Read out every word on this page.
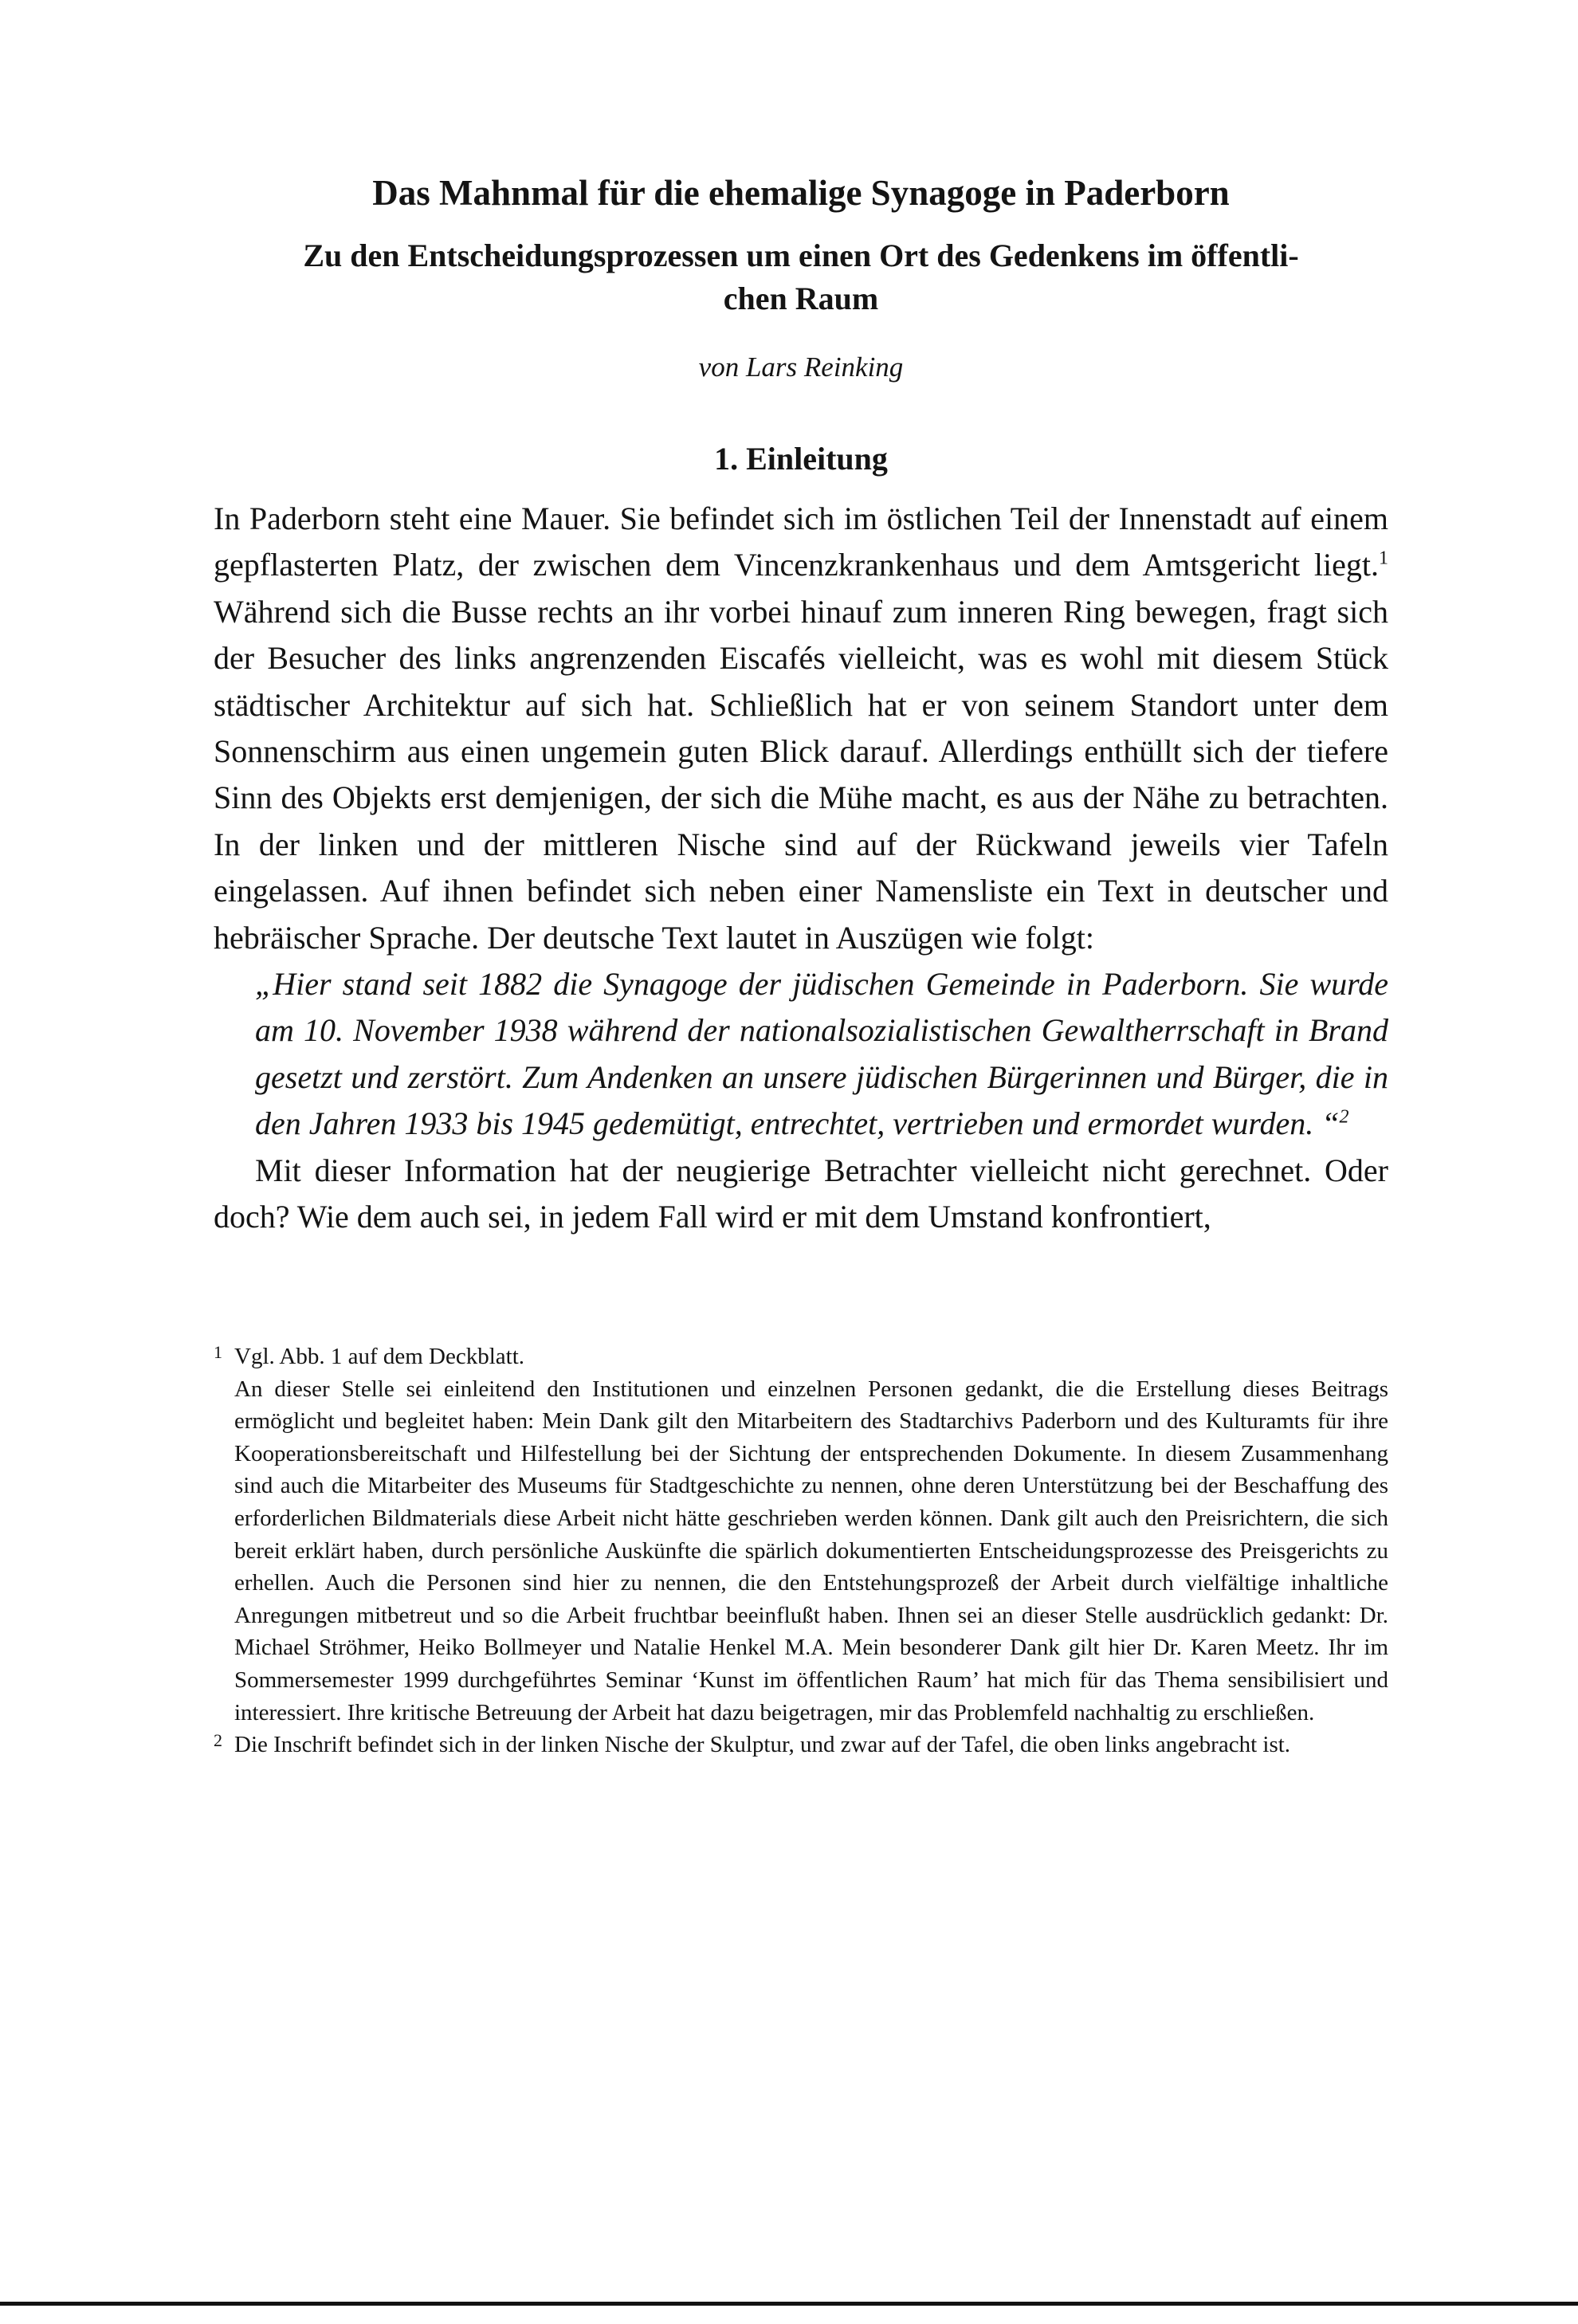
Das Mahnmal für die ehemalige Synagoge in Paderborn
Zu den Entscheidungsprozessen um einen Ort des Gedenkens im öffentli-
chen Raum
von Lars Reinking
1. Einleitung

In Paderborn steht eine Mauer. Sie befindet sich im östlichen Teil der Innenstadt auf einem gepflasterten Platz, der zwischen dem Vincenzkrankenhaus und dem Amtsgericht liegt.$^1$ Während sich die Busse rechts an ihr vorbei hinauf zum inneren Ring bewegen, fragt sich der Besucher des links angrenzenden Eiscafés vielleicht, was es wohl mit diesem Stück städtischer Architektur auf sich hat. Schließlich hat er von seinem Standort unter dem Sonnenschirm aus einen ungemein guten Blick darauf. Allerdings enthüllt sich der tiefere Sinn des Objekts erst demjenigen, der sich die Mühe macht, es aus der Nähe zu betrachten. In der linken und der mittleren Nische sind auf der Rückwand jeweils vier Tafeln eingelassen. Auf ihnen befindet sich neben einer Namensliste ein Text in deutscher und hebräischer Sprache. Der deutsche Text lautet in Auszügen wie folgt:

„Hier stand seit 1882 die Synagoge der jüdischen Gemeinde in Paderborn. Sie wurde am 10. November 1938 während der nationalsozialistischen Gewaltherrschaft in Brand gesetzt und zerstört. Zum Andenken an unsere jüdischen Bürgerinnen und Bürger, die in den Jahren 1933 bis 1945 gedemütigt, entrechtet, vertrieben und ermordet wurden. “$^2$

Mit dieser Information hat der neugierige Betrachter vielleicht nicht gerechnet. Oder doch? Wie dem auch sei, in jedem Fall wird er mit dem Umstand konfrontiert,

1 Vgl. Abb. 1 auf dem Deckblatt.
An dieser Stelle sei einleitend den Institutionen und einzelnen Personen gedankt, die die Erstellung dieses Beitrags ermöglicht und begleitet haben: Mein Dank gilt den Mitarbeitern des Stadtarchivs Paderborn und des Kulturamts für ihre Kooperationsbereitschaft und Hilfestellung bei der Sichtung der entsprechenden Dokumente. In diesem Zusammenhang sind auch die Mitarbeiter des Museums für Stadtgeschichte zu nennen, ohne deren Unterstützung bei der Beschaffung des erforderlichen Bildmaterials diese Arbeit nicht hätte geschrieben werden können. Dank gilt auch den Preisrichtern, die sich bereit erklärt haben, durch persönliche Auskünfte die spärlich dokumentierten Entscheidungsprozesse des Preisgerichts zu erhellen. Auch die Personen sind hier zu nennen, die den Entstehungsprozeß der Arbeit durch vielfältige inhaltliche Anregungen mitbetreut und so die Arbeit fruchtbar beeinflußt haben. Ihnen sei an dieser Stelle ausdrücklich gedankt: Dr. Michael Ströhmer, Heiko Bollmeyer und Natalie Henkel M.A. Mein besonderer Dank gilt hier Dr. Karen Meetz. Ihr im Sommersemester 1999 durchgeführtes Seminar ‘Kunst im öffentlichen Raum’ hat mich für das Thema sensibilisiert und interessiert. Ihre kritische Betreuung der Arbeit hat dazu beigetragen, mir das Problemfeld nachhaltig zu erschließen.
2 Die Inschrift befindet sich in der linken Nische der Skulptur, und zwar auf der Tafel, die oben links angebracht ist.
